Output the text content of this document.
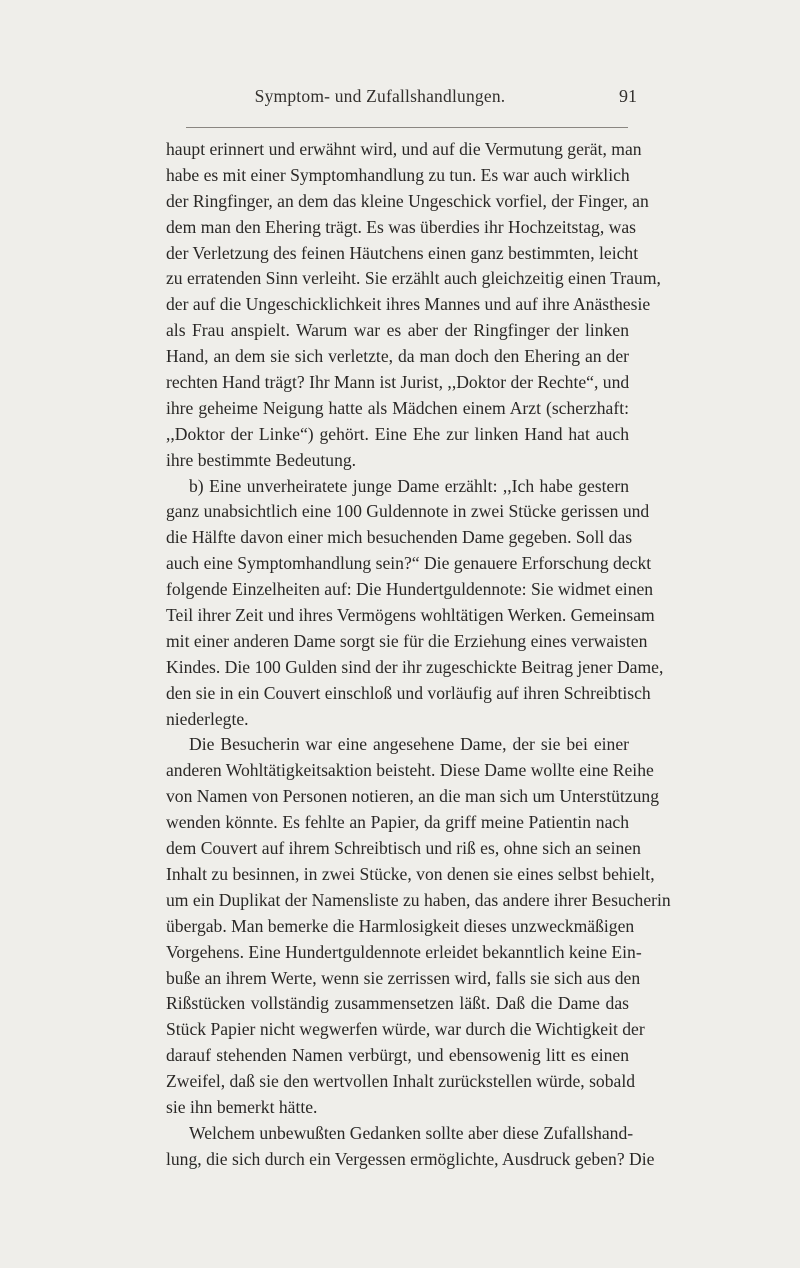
Symptom- und Zufallshandlungen.	91
haupt erinnert und erwähnt wird, und auf die Vermutung gerät, man
habe es mit einer Symptomhandlung zu tun. Es war auch wirklich
der Ringfinger, an dem das kleine Ungeschick vorfiel, der Finger, an
dem man den Ehering trägt. Es was überdies ihr Hochzeitstag, was
der Verletzung des feinen Häutchens einen ganz bestimmten, leicht
zu erratenden Sinn verleiht. Sie erzählt auch gleichzeitig einen Traum,
der auf die Ungeschicklichkeit ihres Mannes und auf ihre Anästhesie
als Frau anspielt. Warum war es aber der Ringfinger der linken
Hand, an dem sie sich verletzte, da man doch den Ehering an der
rechten Hand trägt? Ihr Mann ist Jurist, ,,Doktor der Rechte“, und
ihre geheime Neigung hatte als Mädchen einem Arzt (scherzhaft:
,,Doktor der Linke“) gehört. Eine Ehe zur linken Hand hat auch
ihre bestimmte Bedeutung.
b) Eine unverheiratete junge Dame erzählt: ,,Ich habe gestern
ganz unabsichtlich eine 100 Guldennote in zwei Stücke gerissen und
die Hälfte davon einer mich besuchenden Dame gegeben. Soll das
auch eine Symptomhandlung sein?“ Die genauere Erforschung deckt
folgende Einzelheiten auf: Die Hundertguldennote: Sie widmet einen
Teil ihrer Zeit und ihres Vermögens wohltätigen Werken. Gemeinsam
mit einer anderen Dame sorgt sie für die Erziehung eines verwaisten
Kindes. Die 100 Gulden sind der ihr zugeschickte Beitrag jener Dame,
den sie in ein Couvert einschloß und vorläufig auf ihren Schreibtisch
niederlegte.
Die Besucherin war eine angesehene Dame, der sie bei einer
anderen Wohltätigkeitsaktion beisteht. Diese Dame wollte eine Reihe
von Namen von Personen notieren, an die man sich um Unterstützung
wenden könnte. Es fehlte an Papier, da griff meine Patientin nach
dem Couvert auf ihrem Schreibtisch und riß es, ohne sich an seinen
Inhalt zu besinnen, in zwei Stücke, von denen sie eines selbst behielt,
um ein Duplikat der Namensliste zu haben, das andere ihrer Besucherin
übergab. Man bemerke die Harmlosigkeit dieses unzweckmäßigen
Vorgehens. Eine Hundertguldennote erleidet bekanntlich keine Ein-
buße an ihrem Werte, wenn sie zerrissen wird, falls sie sich aus den
Rißstücken vollständig zusammensetzen läßt. Daß die Dame das
Stück Papier nicht wegwerfen würde, war durch die Wichtigkeit der
darauf stehenden Namen verbürgt, und ebensowenig litt es einen
Zweifel, daß sie den wertvollen Inhalt zurückstellen würde, sobald
sie ihn bemerkt hätte.
Welchem unbewußten Gedanken sollte aber diese Zufallshand-
lung, die sich durch ein Vergessen ermöglichte, Ausdruck geben? Die
